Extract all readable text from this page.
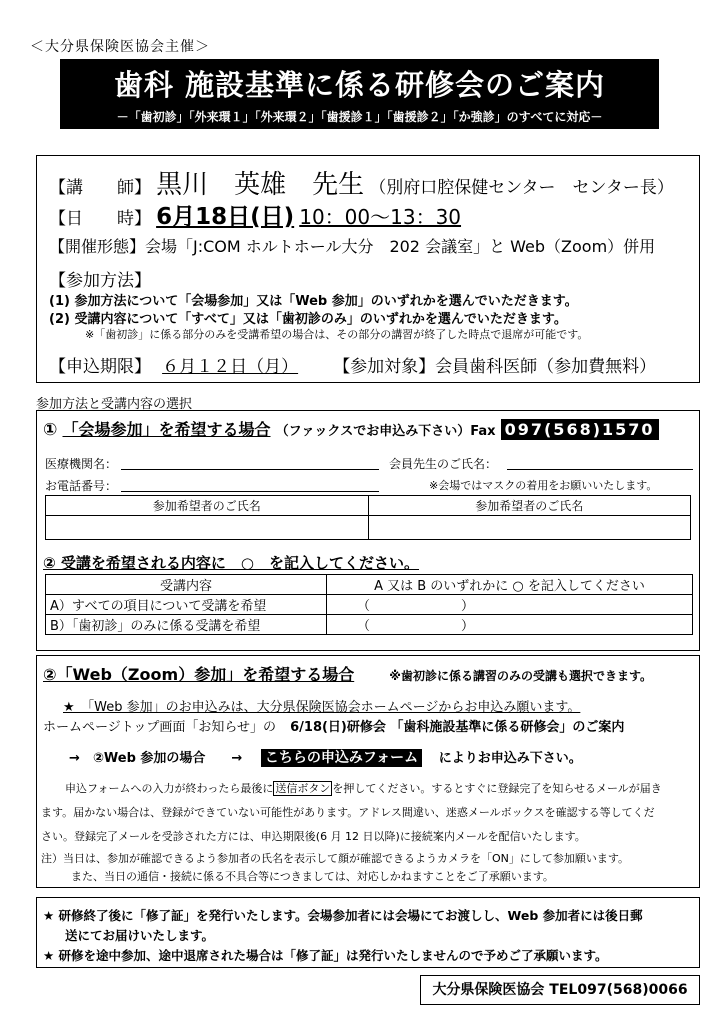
＜大分県保険医協会主催＞
歯科 施設基準に係る研修会のご案内
－「歯初診」「外来環１」「外来環２」「歯援診１」「歯援診２」「か強診」のすべてに対応－
【講　　師】 黒川　英雄　先生 （別府口腔保健センター　センター長）
【日　　時】 6月18日(日) 10：00～13：30
【開催形態】会場「J:COM ホルトホール大分　202 会議室」と Web（Zoom）併用
【参加方法】
(1) 参加方法について「会場参加」又は「Web 参加」のいずれかを選んでいただきます。
(2) 受講内容について「すべて」又は「歯初診のみ」のいずれかを選んでいただきます。
※「歯初診」に係る部分のみを受講希望の場合は、その部分の講習が終了した時点で退席が可能です。
【申込期限】 ６月１２日（月） 【参加対象】会員歯科医師（参加費無料）
参加方法と受講内容の選択
① 「会場参加」を希望する場合 （ファックスでお申込み下さい）Fax 097(568)1570
医療機関名：	会員先生のご氏名：
お電話番号：	※会場ではマスクの着用をお願いいたします。
参加希望者のご氏名	参加希望者のご氏名

② 受講を希望される内容に　○　を記入してください。
受講内容	A 又は B のいずれかに ○ を記入してください
A）すべての項目について受講を希望	（　　　　　　　）
B）「歯初診」のみに係る受講を希望	（　　　　　　　）
②「Web（Zoom）参加」を希望する場合	※歯初診に係る講習のみの受講も選択できます。
★　「Web 参加」のお申込みは、大分県保険医協会ホームページからお申込み願います。
ホームページトップ画面「お知らせ」の 6/18(日)研修会 「歯科施設基準に係る研修会」のご案内
→　②Web 参加の場合　　→ こちらの申込みフォーム によりお申込み下さい。
申込フォームへの入力が終わったら最後に 送信ボタン を押してください。するとすぐに登録完了を知らせるメールが届き
ます。届かない場合は、登録ができていない可能性があります。アドレス間違い、迷惑メールボックスを確認する等してくだ
さい。登録完了メールを受診された方には、申込期限後(6 月 12 日以降)に接続案内メールを配信いたします。
注）当日は、参加が確認できるよう参加者の氏名を表示して顔が確認できるようカメラを「ON」にして参加願います。
また、当日の通信・接続に係る不具合等につきましては、対応しかねますことをご了承願います。
★ 研修終了後に「修了証」を発行いたします。会場参加者には会場にてお渡しし、Web 参加者には後日郵
送にてお届けいたします。
★ 研修を途中参加、途中退席された場合は「修了証」は発行いたしませんので予めご了承願います。
大分県保険医協会 TEL097(568)0066
